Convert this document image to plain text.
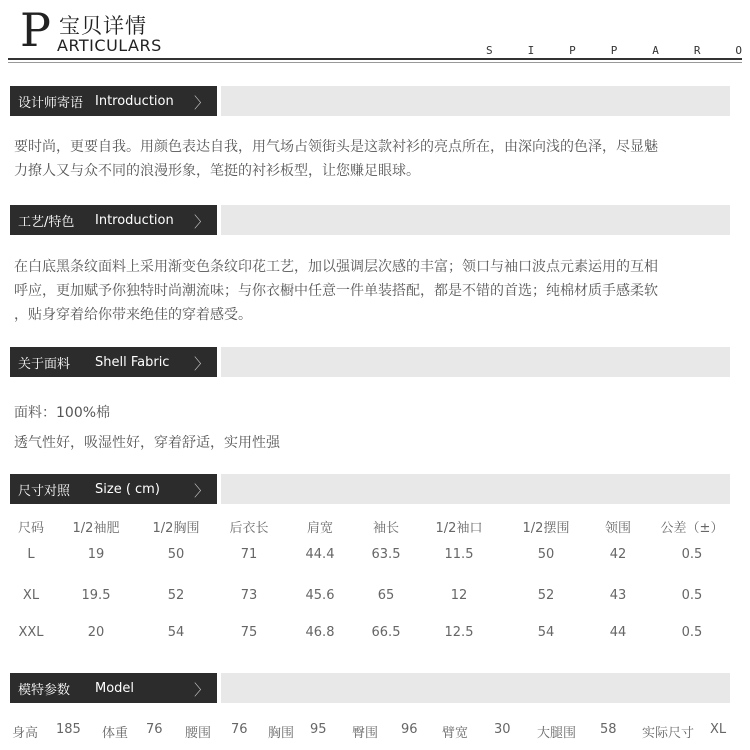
P 宝贝详情
ARTICULARS	S	I	P	P	A	R	O
设计师寄语 Introduction 〉
要时尚，更要自我。用颜色表达自我，用气场占领街头是这款衬衫的亮点所在，由深向浅的色泽，尽显魅
力撩人又与众不同的浪漫形象，笔挺的衬衫板型，让您赚足眼球。
工艺/特色 Introduction 〉
在白底黑条纹面料上采用渐变色条纹印花工艺，加以强调层次感的丰富；领口与袖口波点元素运用的互相
呼应，更加赋予你独特时尚潮流味；与你衣橱中任意一件单装搭配，都是不错的首选；纯棉材质手感柔软
，贴身穿着给你带来绝佳的穿着感受。
关于面料 Shell Fabric 〉
面料：100%棉
透气性好，吸湿性好，穿着舒适，实用性强
尺寸对照 Size ( cm) 〉
尺码	1/2袖肥	1/2胸围	后衣长	肩宽	袖长	1/2袖口	1/2摆围	领围	公差（±）
L	19	50	71	44.4	63.5	11.5	50	42	0.5
XL	19.5	52	73	45.6	65	12	52	43	0.5
XXL	20	54	75	46.8	66.5	12.5	54	44	0.5
模特参数 Model	〉
身高 185 体重 76 腰围 76 胸围 95 臀围 96 臂宽 30 大腿围 58 实际尺寸 XL
